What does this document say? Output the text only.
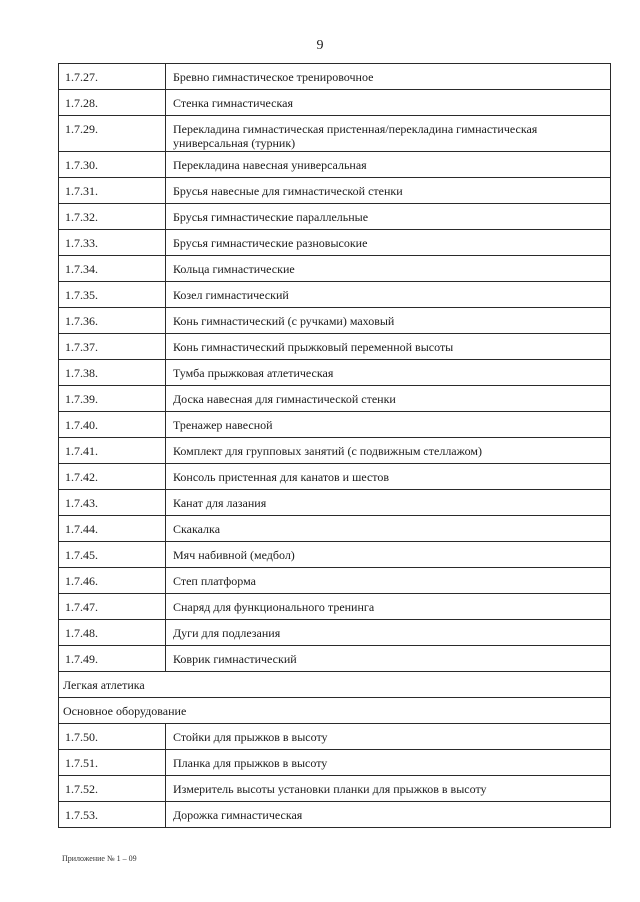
9
1.7.27.	Бревно гимнастическое тренировочное
1.7.28.	Стенка гимнастическая
1.7.29.	Перекладина гимнастическая пристенная/перекладина гимнастическая универсальная (турник)
1.7.30.	Перекладина навесная универсальная
1.7.31.	Брусья навесные для гимнастической стенки
1.7.32.	Брусья гимнастические параллельные
1.7.33.	Брусья гимнастические разновысокие
1.7.34.	Кольца гимнастические
1.7.35.	Козел гимнастический
1.7.36.	Конь гимнастический (с ручками) маховый
1.7.37.	Конь гимнастический прыжковый переменной высоты
1.7.38.	Тумба прыжковая атлетическая
1.7.39.	Доска навесная для гимнастической стенки
1.7.40.	Тренажер навесной
1.7.41.	Комплект для групповых занятий (с подвижным стеллажом)
1.7.42.	Консоль пристенная для канатов и шестов
1.7.43.	Канат для лазания
1.7.44.	Скакалка
1.7.45.	Мяч набивной (медбол)
1.7.46.	Степ платформа
1.7.47.	Снаряд для функционального тренинга
1.7.48.	Дуги для подлезания
1.7.49.	Коврик гимнастический
Легкая атлетика	
Основное оборудование	
1.7.50.	Стойки для прыжков в высоту
1.7.51.	Планка для прыжков в высоту
1.7.52.	Измеритель высоты установки планки для прыжков в высоту
1.7.53.	Дорожка гимнастическая
Приложение № 1 – 09
